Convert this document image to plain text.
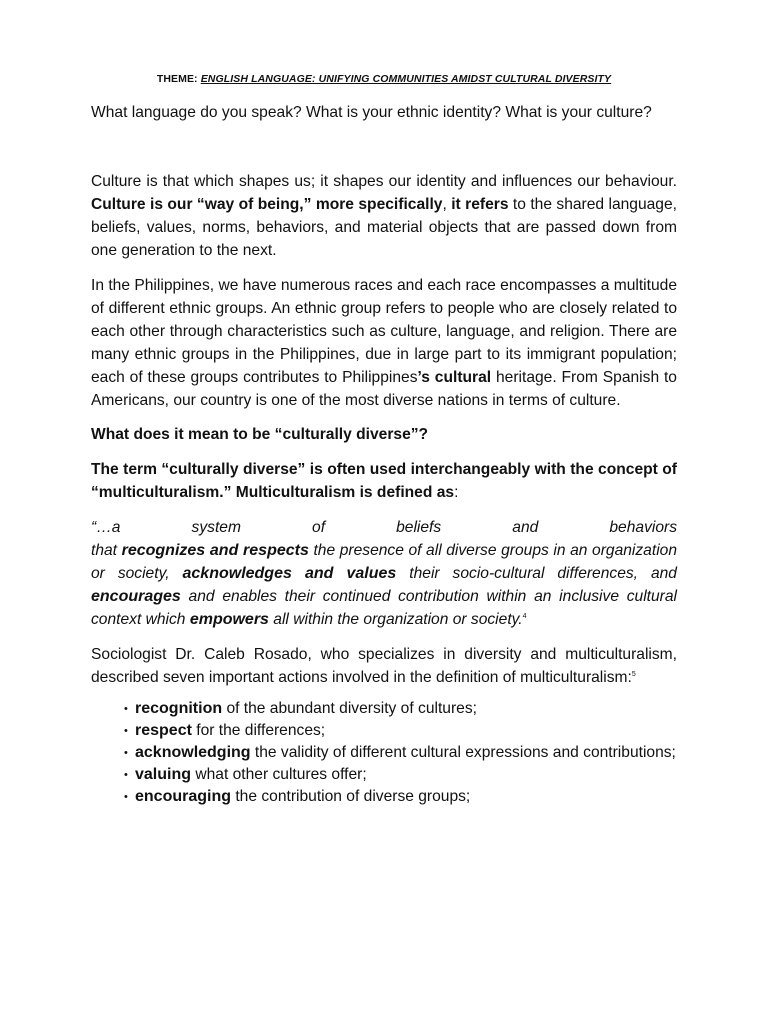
THEME: ENGLISH LANGUAGE: UNIFYING COMMUNITIES AMIDST CULTURAL DIVERSITY

What language do you speak? What is your ethnic identity? What is your culture?

Culture is that which shapes us; it shapes our identity and influences our behaviour. Culture is our “way of being,” more specifically, it refers to the shared language, beliefs, values, norms, behaviors, and material objects that are passed down from one generation to the next.

In the Philippines, we have numerous races and each race encompasses a multitude of different ethnic groups. An ethnic group refers to people who are closely related to each other through characteristics such as culture, language, and religion. There are many ethnic groups in the Philippines, due in large part to its immigrant population; each of these groups contributes to Philippines’s cultural heritage. From Spanish to Americans, our country is one of the most diverse nations in terms of culture.

What does it mean to be “culturally diverse”?

The term “culturally diverse” is often used interchangeably with the concept of “multiculturalism.” Multiculturalism is defined as:

“…a system of beliefs and behaviors
that recognizes and respects the presence of all diverse groups in an organization or society, acknowledges and values their socio-cultural differences, and encourages and enables their continued contribution within an inclusive cultural context which empowers all within the organization or society.$^4$

Sociologist Dr. Caleb Rosado, who specializes in diversity and multiculturalism, described seven important actions involved in the definition of multiculturalism:$^5$

• recognition of the abundant diversity of cultures;
• respect for the differences;
• acknowledging the validity of different cultural expressions and contributions;
• valuing what other cultures offer;
• encouraging the contribution of diverse groups;
